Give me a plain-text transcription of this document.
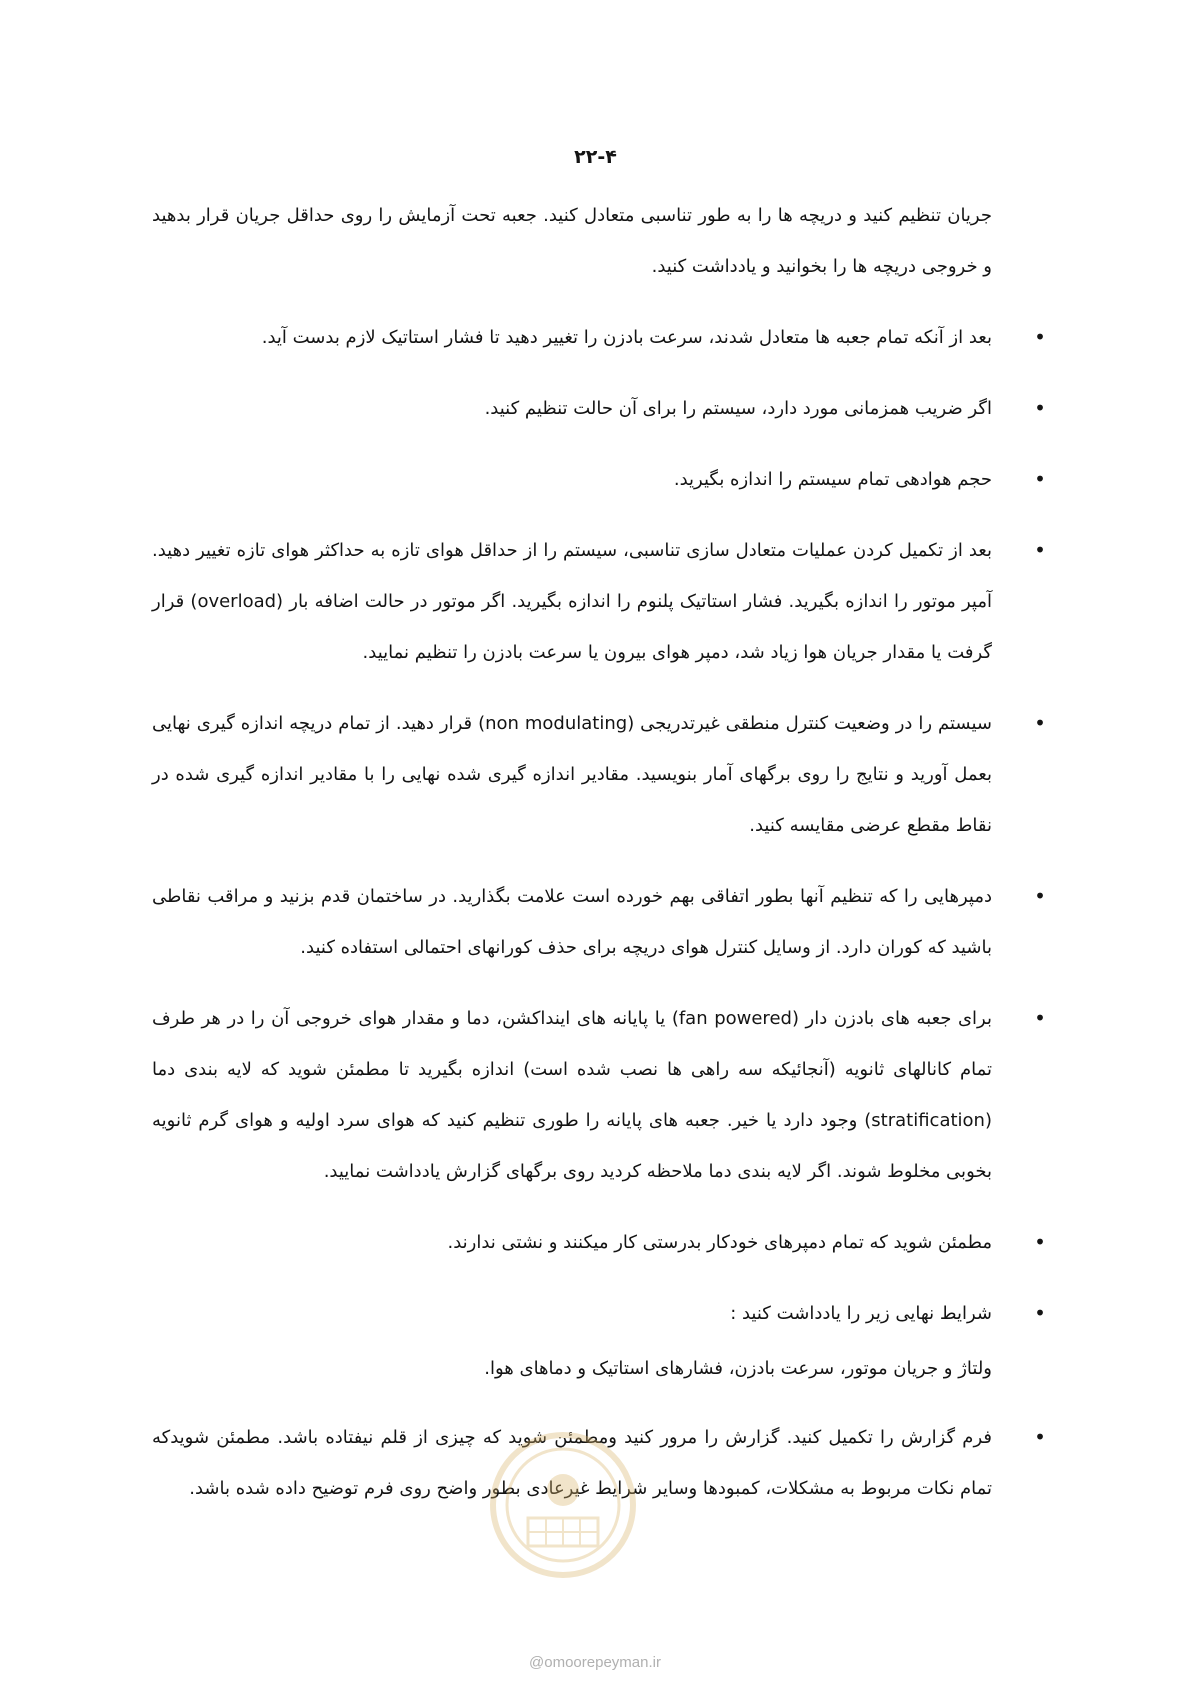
۲۲-۴

جریان تنظیم کنید و دریچه ها را به طور تناسبی متعادل کنید. جعبه تحت آزمایش را روی حداقل جریان قرار بدهید و خروجی دریچه ها را بخوانید و یادداشت کنید.

•
بعد از آنکه تمام جعبه ها متعادل شدند، سرعت بادزن را تغییر دهید تا فشار استاتیک لازم بدست آید.
•
اگر ضریب همزمانی مورد دارد، سیستم را برای آن حالت تنظیم کنید.
•
حجم هوادهی تمام سیستم را اندازه بگیرید.
•
بعد از تکمیل کردن عملیات متعادل سازی تناسبی، سیستم را از حداقل هوای تازه به حداکثر هوای تازه تغییر دهید. آمپر موتور را اندازه بگیرید. فشار استاتیک پلنوم را اندازه بگیرید. اگر موتور در حالت اضافه بار (overload) قرار گرفت یا مقدار جریان هوا زیاد شد، دمپر هوای بیرون یا سرعت بادزن را تنظیم نمایید.
•
سیستم را در وضعیت کنترل منطقی غیرتدریجی (non modulating) قرار دهید. از تمام دریچه اندازه گیری نهایی بعمل آورید و نتایج را روی برگهای آمار بنویسید. مقادیر اندازه گیری شده نهایی را با مقادیر اندازه گیری شده در نقاط مقطع عرضی مقایسه کنید.
•
دمپرهایی را که تنظیم آنها بطور اتفاقی بهم خورده است علامت بگذارید. در ساختمان قدم بزنید و مراقب نقاطی باشید که کوران دارد. از وسایل کنترل هوای دریچه برای حذف کورانهای احتمالی استفاده کنید.
•
برای جعبه های بادزن دار (fan powered) یا پایانه های اینداکشن، دما و مقدار هوای خروجی آن را در هر طرف تمام کانالهای ثانویه (آنجائیکه سه راهی ها نصب شده است) اندازه بگیرید تا مطمئن شوید که لایه بندی دما (stratification) وجود دارد یا خیر. جعبه های پایانه را طوری تنظیم کنید که هوای سرد اولیه و هوای گرم ثانویه بخوبی مخلوط شوند. اگر لایه بندی دما ملاحظه کردید روی برگهای گزارش یادداشت نمایید.
•
مطمئن شوید که تمام دمپرهای خودکار بدرستی کار میکنند و نشتی ندارند.
•
شرایط نهایی زیر را یادداشت کنید :

ولتاژ و جریان موتور، سرعت بادزن، فشارهای استاتیک و دماهای هوا.

•
فرم گزارش را تکمیل کنید. گزارش را مرور کنید ومطمئن شوید که چیزی از قلم نیفتاده باشد. مطمئن شویدکه تمام نکات مربوط به مشکلات، کمبودها وسایر شرایط غیرعادی بطور واضح روی فرم توضیح داده شده باشد.
@omoorepeyman.ir
